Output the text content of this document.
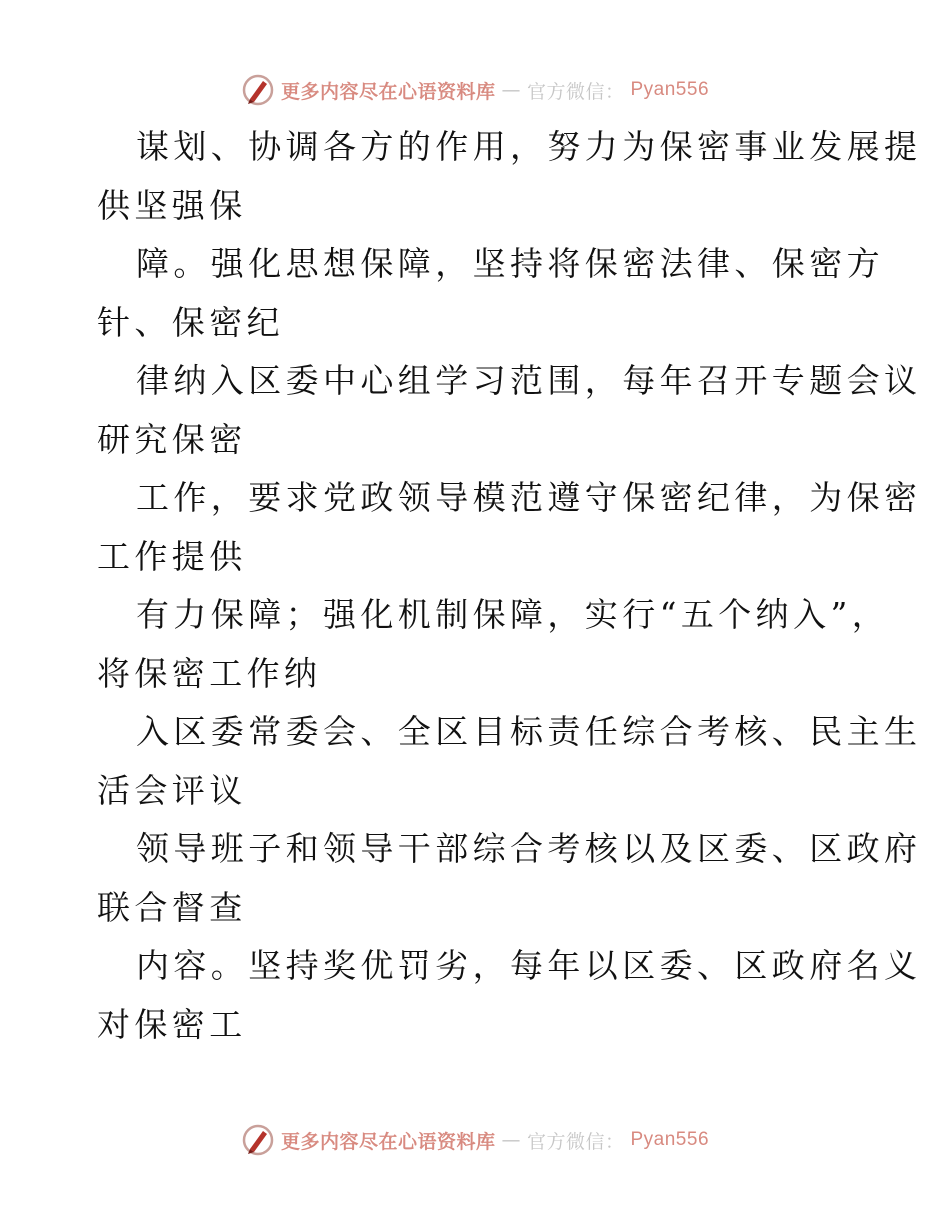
更多内容尽在心语资料库 — 官方微信： Pyan556
谋划、协调各方的作用，努力为保密事业发展提
供坚强保
障。强化思想保障，坚持将保密法律、保密方
针、保密纪
律纳入区委中心组学习范围，每年召开专题会议
研究保密
工作，要求党政领导模范遵守保密纪律，为保密
工作提供
有力保障；强化机制保障，实行“五个纳入”，
将保密工作纳
入区委常委会、全区目标责任综合考核、民主生
活会评议
领导班子和领导干部综合考核以及区委、区政府
联合督查
内容。坚持奖优罚劣，每年以区委、区政府名义
对保密工
更多内容尽在心语资料库 — 官方微信： Pyan556
